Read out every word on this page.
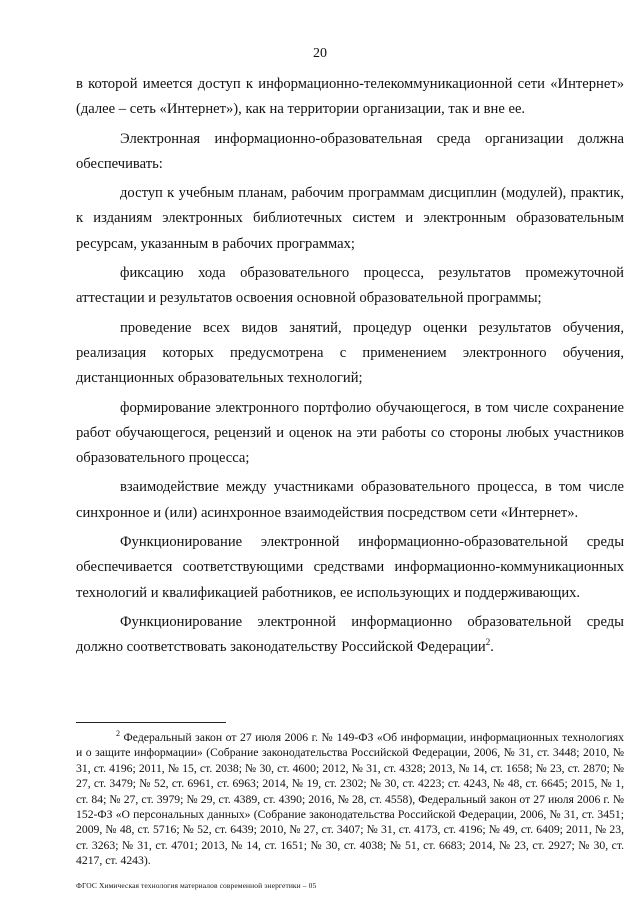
20

в которой имеется доступ к информационно-телекоммуникационной сети «Интернет» (далее – сеть «Интернет»), как на территории организации, так и вне ее.

Электронная информационно-образовательная среда организации должна обеспечивать:

доступ к учебным планам, рабочим программам дисциплин (модулей), практик, к изданиям электронных библиотечных систем и электронным образовательным ресурсам, указанным в рабочих программах;

фиксацию хода образовательного процесса, результатов промежуточной аттестации и результатов освоения основной образовательной программы;

проведение всех видов занятий, процедур оценки результатов обучения, реализация которых предусмотрена с применением электронного обучения, дистанционных образовательных технологий;

формирование электронного портфолио обучающегося, в том числе сохранение работ обучающегося, рецензий и оценок на эти работы со стороны любых участников образовательного процесса;

взаимодействие между участниками образовательного процесса, в том числе синхронное и (или) асинхронное взаимодействия посредством сети «Интернет».

Функционирование электронной информационно-образовательной среды обеспечивается соответствующими средствами информационно-коммуникационных технологий и квалификацией работников, ее использующих и поддерживающих.

Функционирование электронной информационно образовательной среды должно соответствовать законодательству Российской Федерации$^2$.

$^2$ Федеральный закон от 27 июля 2006 г. № 149-ФЗ «Об информации, информационных технологиях и о защите информации» (Собрание законодательства Российской Федерации, 2006, № 31, ст. 3448; 2010, № 31, ст. 4196; 2011, № 15, ст. 2038; № 30, ст. 4600; 2012, № 31, ст. 4328; 2013, № 14, ст. 1658; № 23, ст. 2870; № 27, ст. 3479; № 52, ст. 6961, ст. 6963; 2014, № 19, ст. 2302; № 30, ст. 4223; ст. 4243, № 48, ст. 6645; 2015, № 1, ст. 84; № 27, ст. 3979; № 29, ст. 4389, ст. 4390; 2016, № 28, ст. 4558), Федеральный закон от 27 июля 2006 г. № 152-ФЗ «О персональных данных» (Собрание законодательства Российской Федерации, 2006, № 31, ст. 3451; 2009, № 48, ст. 5716; № 52, ст. 6439; 2010, № 27, ст. 3407; № 31, ст. 4173, ст. 4196; № 49, ст. 6409; 2011, № 23, ст. 3263; № 31, ст. 4701; 2013, № 14, ст. 1651; № 30, ст. 4038; № 51, ст. 6683; 2014, № 23, ст. 2927; № 30, ст. 4217, ст. 4243).
ФГОС Химическая технология материалов современной энергетики – 05
